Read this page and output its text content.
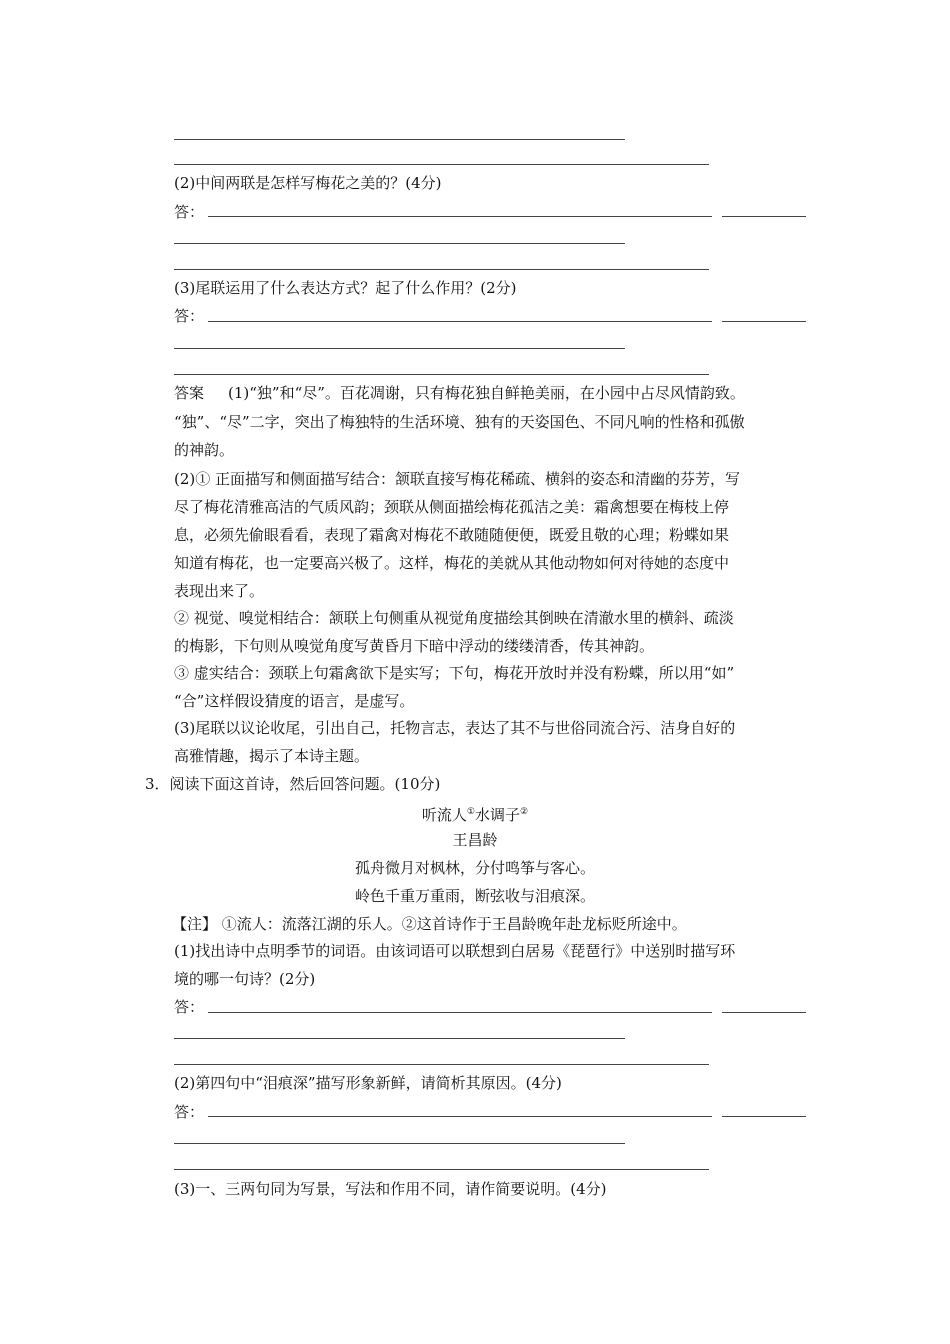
(2)中间两联是怎样写梅花之美的？(4分)
答：
(3)尾联运用了什么表达方式？起了什么作用？(2分)
答：
答案 (1)“独”和“尽”。百花凋谢，只有梅花独自鲜艳美丽，在小园中占尽风情韵致。
“独”、“尽”二字，突出了梅独特的生活环境、独有的天姿国色、不同凡响的性格和孤傲
的神韵。
(2)① 正面描写和侧面描写结合：颔联直接写梅花稀疏、横斜的姿态和清幽的芬芳，写
尽了梅花清雅高洁的气质风韵；颈联从侧面描绘梅花孤洁之美：霜禽想要在梅枝上停
息，必须先偷眼看看，表现了霜禽对梅花不敢随随便便，既爱且敬的心理；粉蝶如果
知道有梅花，也一定要高兴极了。这样，梅花的美就从其他动物如何对待她的态度中
表现出来了。
② 视觉、嗅觉相结合：颔联上句侧重从视觉角度描绘其倒映在清澈水里的横斜、疏淡
的梅影，下句则从嗅觉角度写黄昏月下暗中浮动的缕缕清香，传其神韵。
③ 虚实结合：颈联上句霜禽欲下是实写；下句，梅花开放时并没有粉蝶，所以用“如”
“合”这样假设猜度的语言，是虚写。
(3)尾联以议论收尾，引出自己，托物言志，表达了其不与世俗同流合污、洁身自好的
高雅情趣，揭示了本诗主题。
3．阅读下面这首诗，然后回答问题。(10分)
听流人①水调子②
王昌龄
孤舟微月对枫林，分付鸣筝与客心。
岭色千重万重雨，断弦收与泪痕深。
【注】 ①流人：流落江湖的乐人。②这首诗作于王昌龄晚年赴龙标贬所途中。
(1)找出诗中点明季节的词语。由该词语可以联想到白居易《琵琶行》中送别时描写环
境的哪一句诗？(2分)
答：
(2)第四句中“泪痕深”描写形象新鲜，请简析其原因。(4分)
答：
(3)一、三两句同为写景，写法和作用不同，请作简要说明。(4分)
